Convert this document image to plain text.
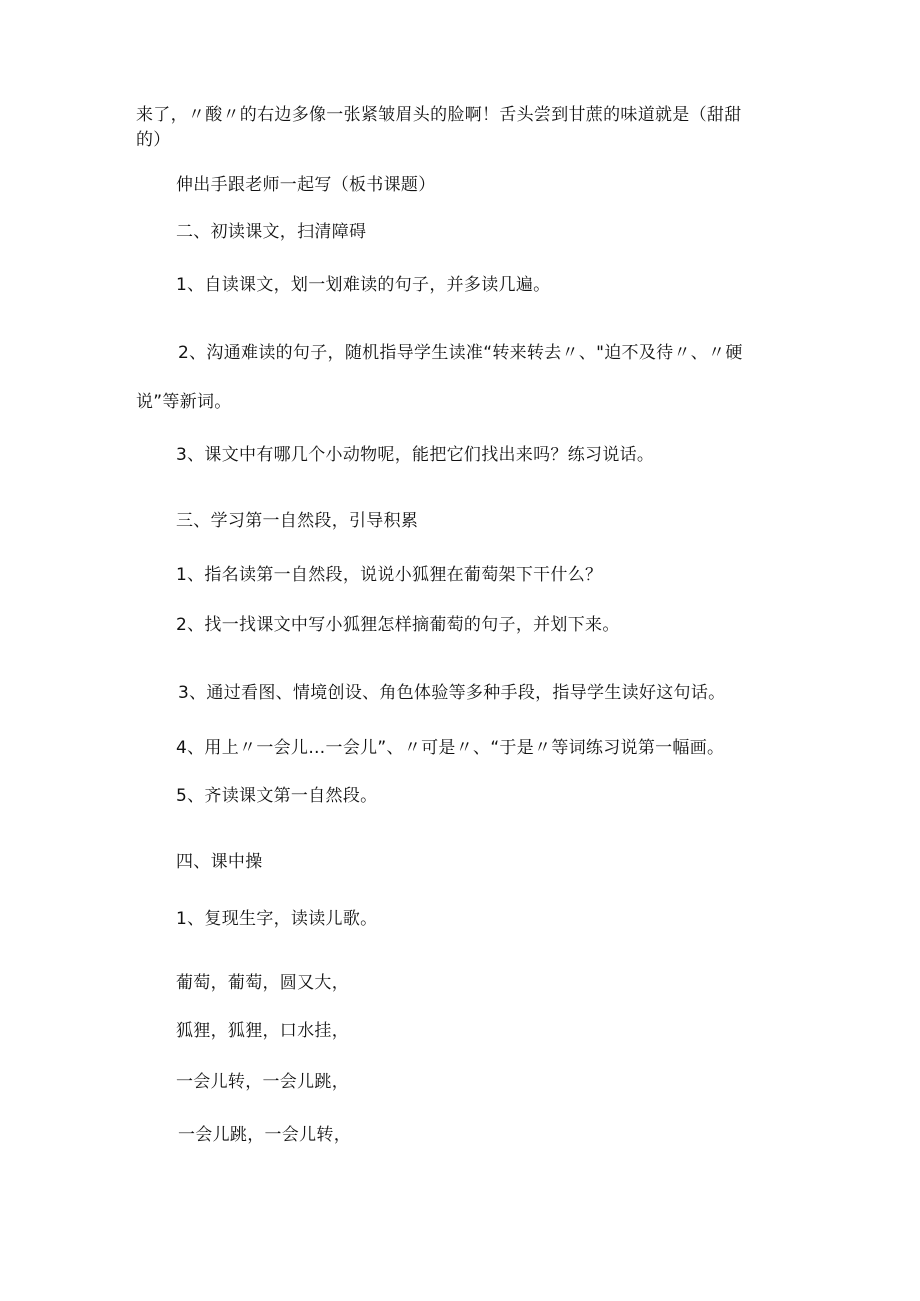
来了，〃酸〃的右边多像一张紧皱眉头的脸啊！舌头尝到甘蔗的味道就是（甜甜
的）
伸出手跟老师一起写（板书课题）
二、初读课文，扫清障碍
1、自读课文，划一划难读的句子，并多读几遍。
2、沟通难读的句子，随机指导学生读准“转来转去〃、"迫不及待〃、〃硬
说”等新词。
3、课文中有哪几个小动物呢，能把它们找出来吗？练习说话。
三、学习第一自然段，引导积累
1、指名读第一自然段，说说小狐狸在葡萄架下干什么？
2、找一找课文中写小狐狸怎样摘葡萄的句子，并划下来。
3、通过看图、情境创设、角色体验等多种手段，指导学生读好这句话。
4、用上〃一会儿…一会儿”、〃可是〃、“于是〃等词练习说第一幅画。
5、齐读课文第一自然段。
四、课中操
1、复现生字，读读儿歌。
葡萄，葡萄，圆又大，
狐狸，狐狸，口水挂，
一会儿转，一会儿跳，
一会儿跳，一会儿转，
